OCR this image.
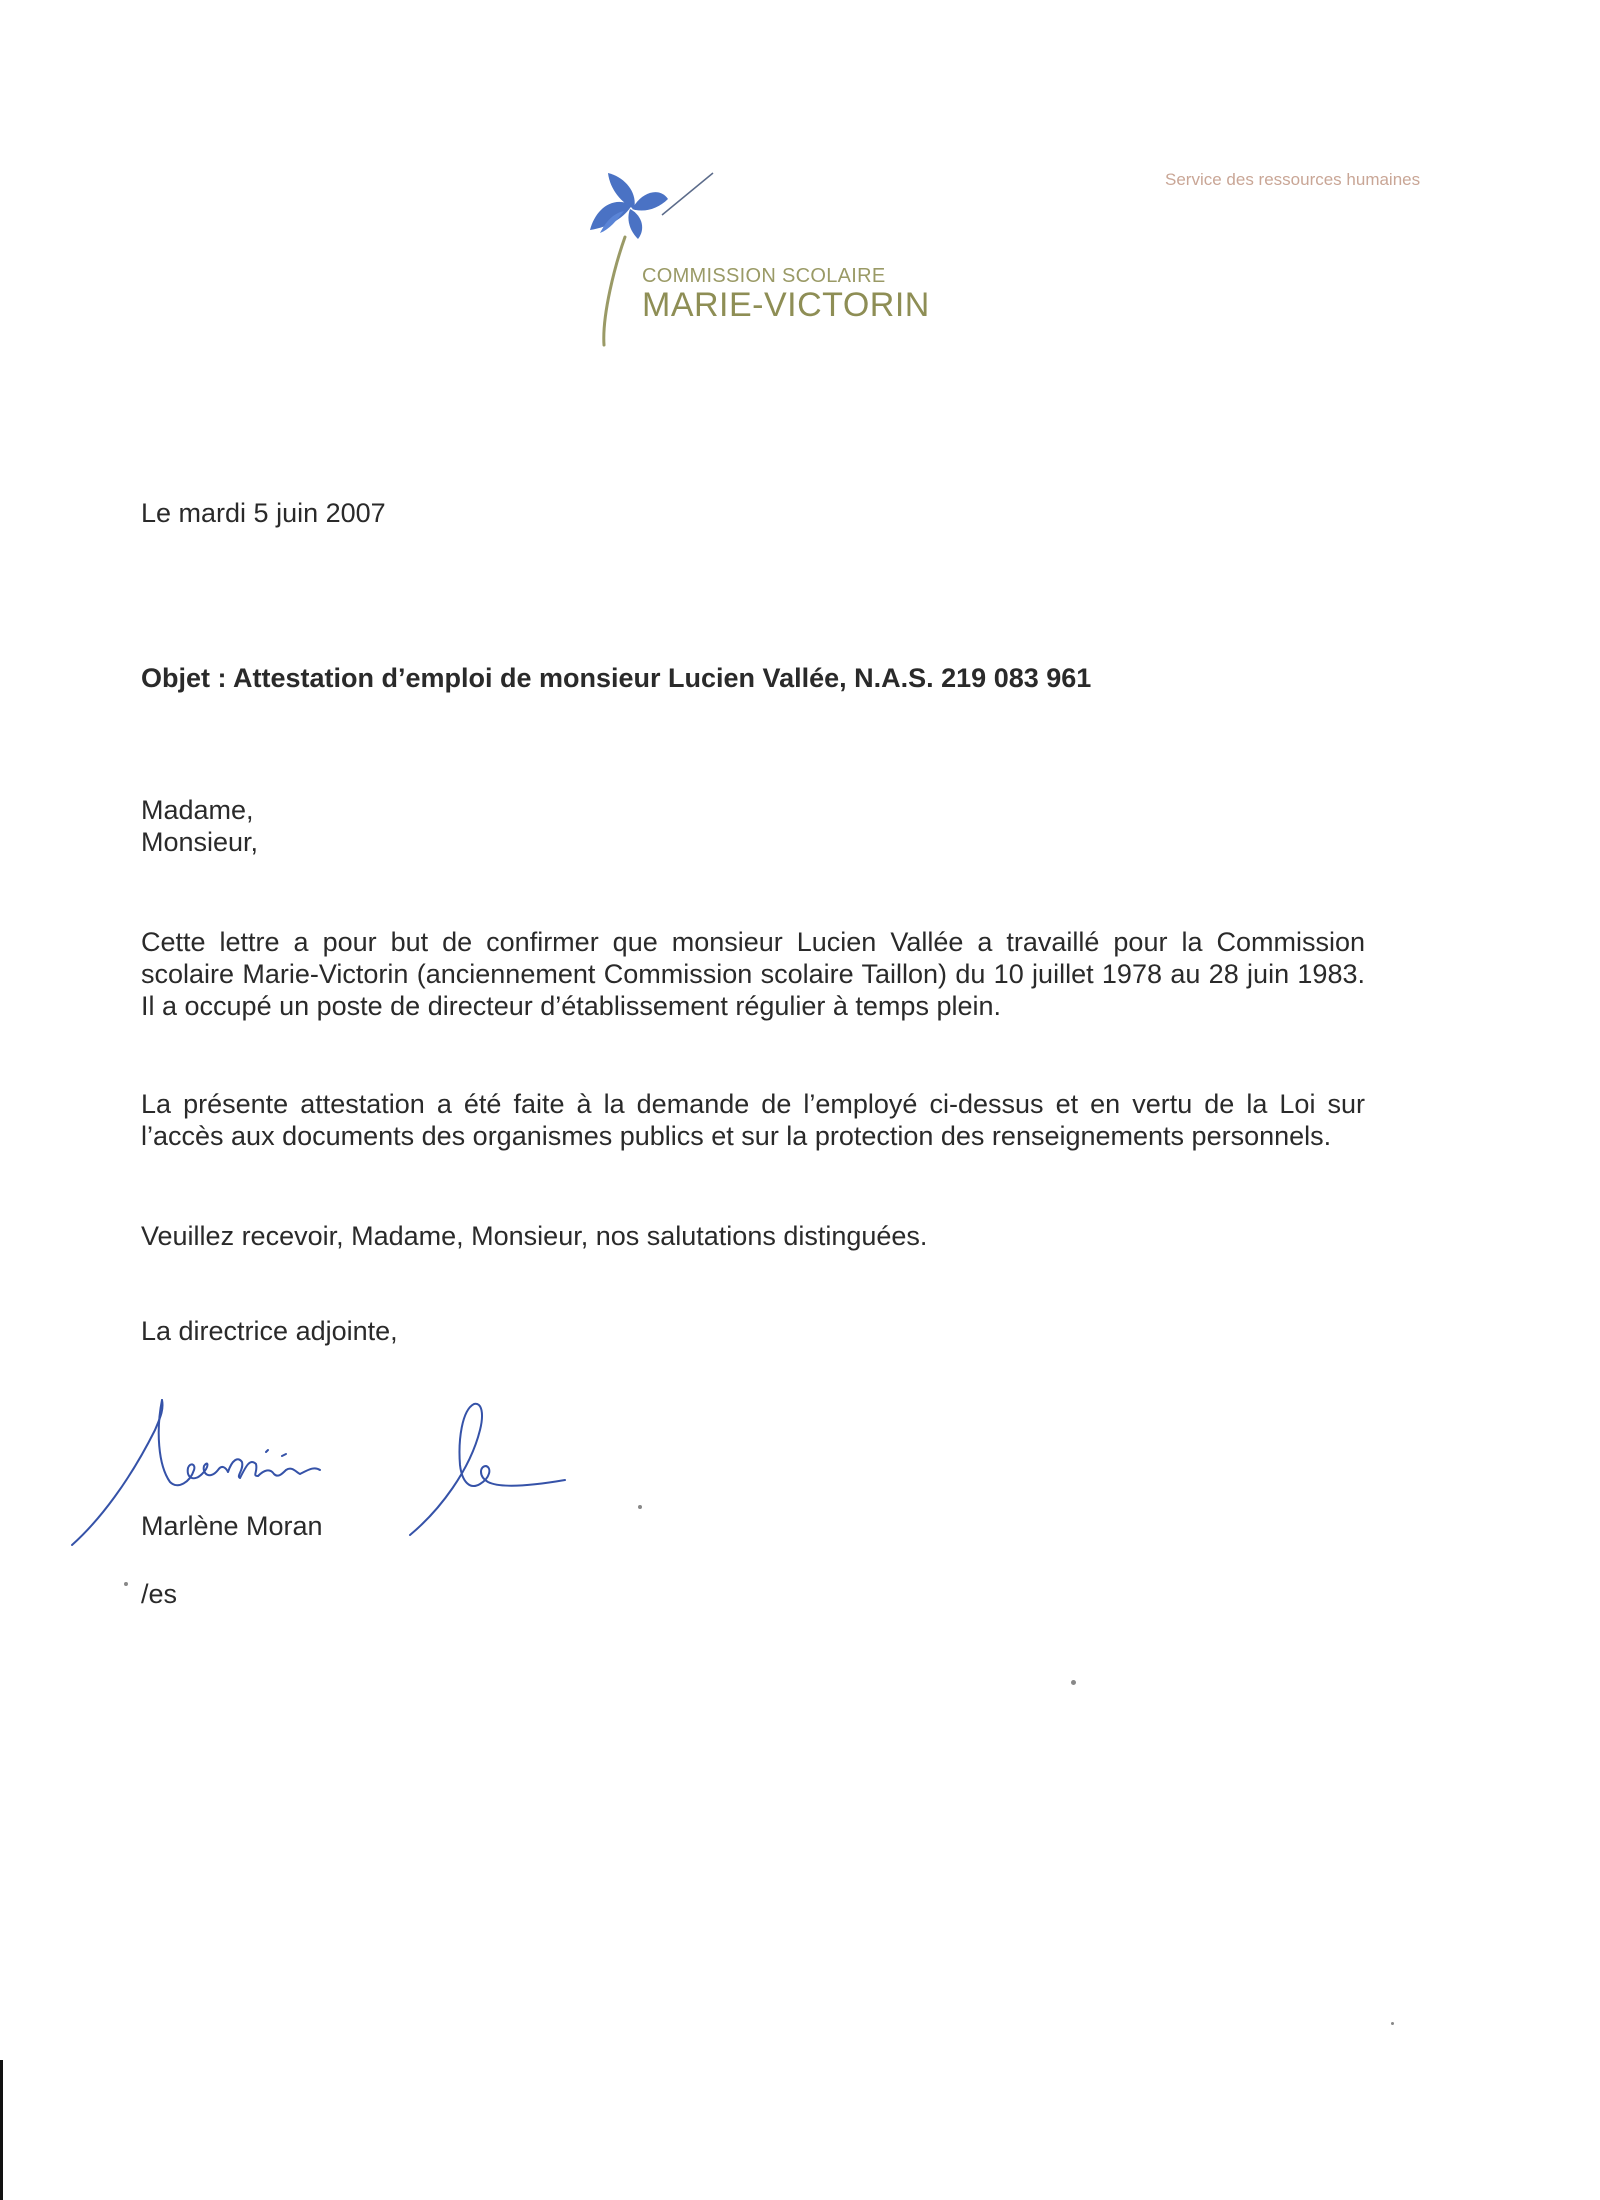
COMMISSION SCOLAIRE
MARIE-VICTORIN
Service des ressources humaines
Le mardi 5 juin 2007
Objet : Attestation d’emploi de monsieur Lucien Vallée, N.A.S. 219 083 961
Madame,
Monsieur,
Cette lettre a pour but de confirmer que monsieur Lucien Vallée a travaillé pour la Commission scolaire Marie-Victorin (anciennement Commission scolaire Taillon) du 10 juillet 1978 au 28 juin 1983. Il a occupé un poste de directeur d’établissement régulier à temps plein.
La présente attestation a été faite à la demande de l’employé ci-dessus et en vertu de la Loi sur l’accès aux documents des organismes publics et sur la protection des renseignements personnels.
Veuillez recevoir, Madame, Monsieur, nos salutations distinguées.
La directrice adjointe,
Marlène Moran
/es
